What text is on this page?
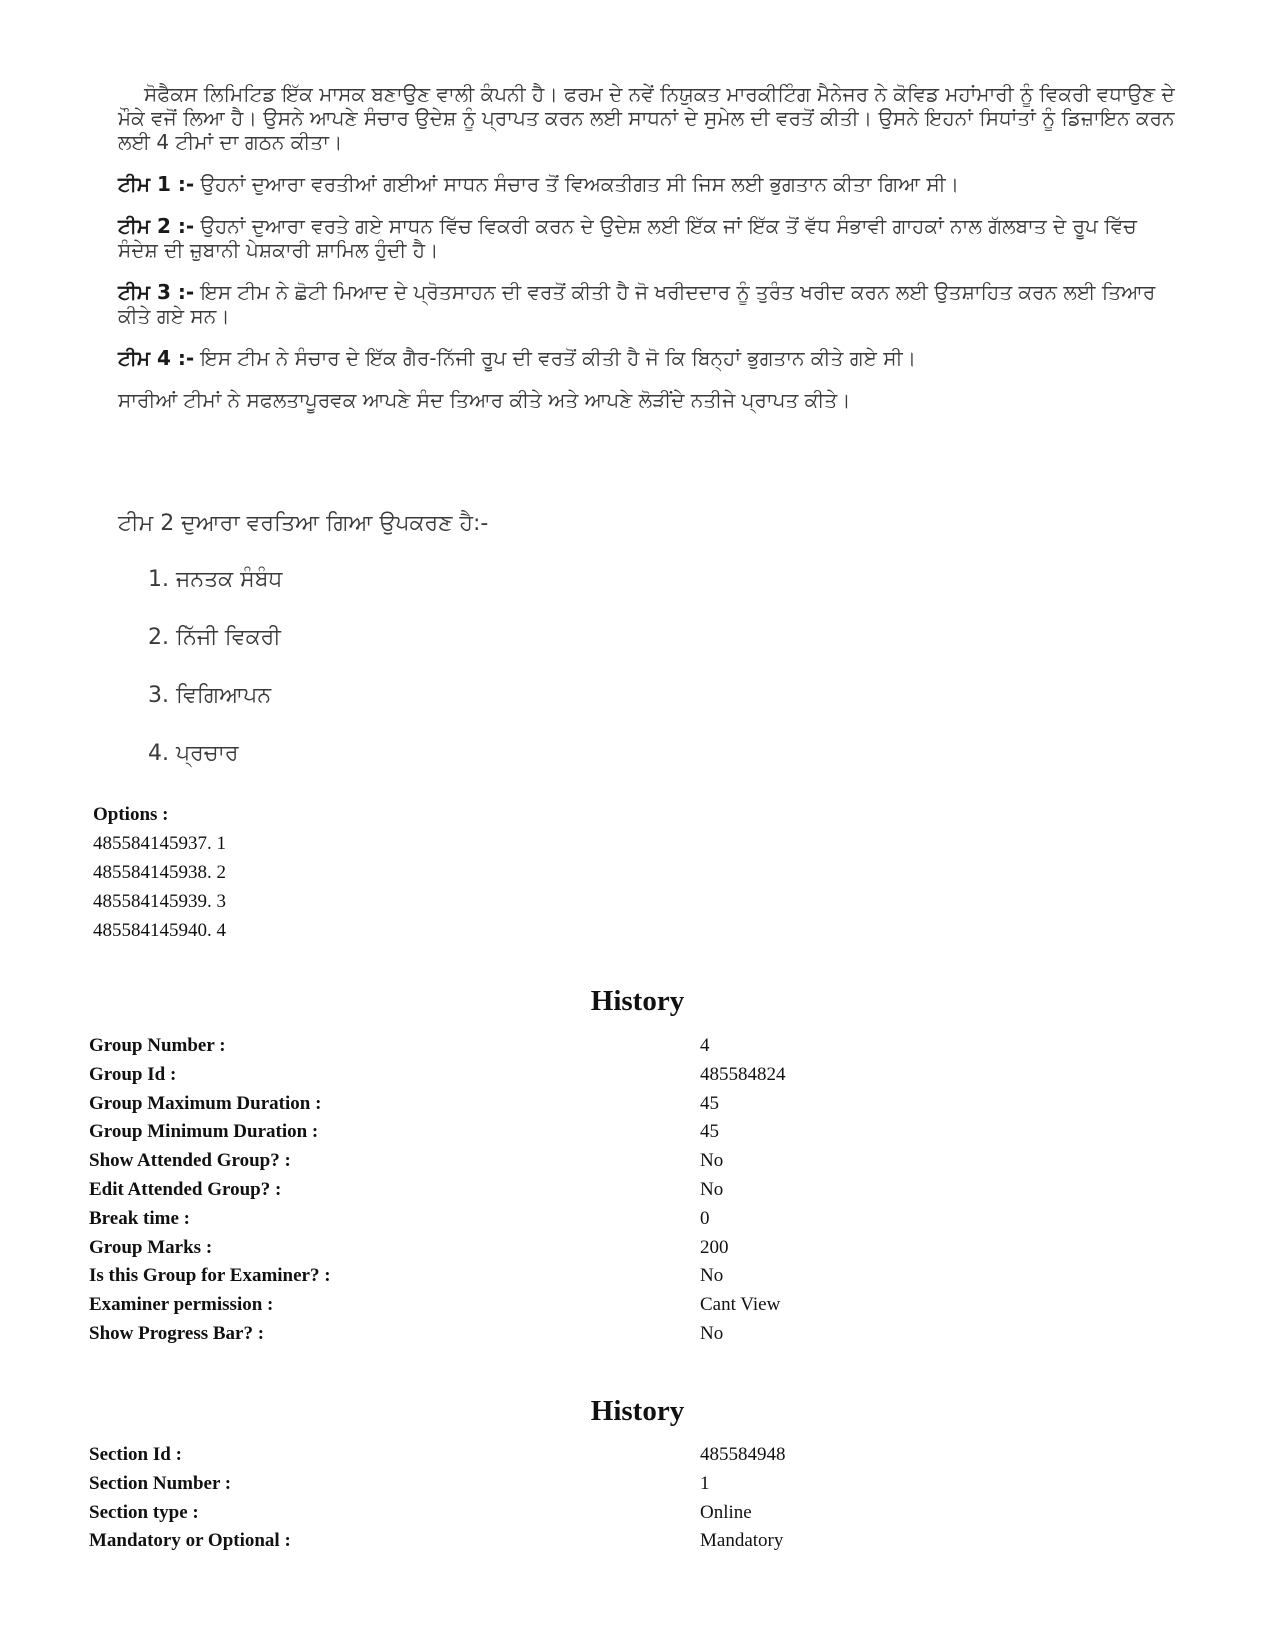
ਸੋਫੈਕਸ ਲਿਮਿਟਿਡ ਇੱਕ ਮਾਸਕ ਬਣਾਉਣ ਵਾਲੀ ਕੰਪਨੀ ਹੈ। ਫਰਮ ਦੇ ਨਵੇਂ ਨਿਯੁਕਤ ਮਾਰਕੀਟਿੰਗ ਮੈਨੇਜਰ ਨੇ ਕੋਵਿਡ ਮਹਾਂਮਾਰੀ ਨੂੰ ਵਿਕਰੀ ਵਧਾਉਣ ਦੇ ਮੌਕੇ ਵਜੋਂ ਲਿਆ ਹੈ। ਉਸਨੇ ਆਪਣੇ ਸੰਚਾਰ ਉਦੇਸ਼ ਨੂੰ ਪ੍ਰਾਪਤ ਕਰਨ ਲਈ ਸਾਧਨਾਂ ਦੇ ਸੁਮੇਲ ਦੀ ਵਰਤੋਂ ਕੀਤੀ। ਉਸਨੇ ਇਹਨਾਂ ਸਿਧਾਂਤਾਂ ਨੂੰ ਡਿਜ਼ਾਇਨ ਕਰਨ ਲਈ 4 ਟੀਮਾਂ ਦਾ ਗਠਨ ਕੀਤਾ।

ਟੀਮ 1 :- ਉਹਨਾਂ ਦੁਆਰਾ ਵਰਤੀਆਂ ਗਈਆਂ ਸਾਧਨ ਸੰਚਾਰ ਤੋਂ ਵਿਅਕਤੀਗਤ ਸੀ ਜਿਸ ਲਈ ਭੁਗਤਾਨ ਕੀਤਾ ਗਿਆ ਸੀ।

ਟੀਮ 2 :- ਉਹਨਾਂ ਦੁਆਰਾ ਵਰਤੇ ਗਏ ਸਾਧਨ ਵਿੱਚ ਵਿਕਰੀ ਕਰਨ ਦੇ ਉਦੇਸ਼ ਲਈ ਇੱਕ ਜਾਂ ਇੱਕ ਤੋਂ ਵੱਧ ਸੰਭਾਵੀ ਗਾਹਕਾਂ ਨਾਲ ਗੱਲਬਾਤ ਦੇ ਰੂਪ ਵਿੱਚ ਸੰਦੇਸ਼ ਦੀ ਜ਼ੁਬਾਨੀ ਪੇਸ਼ਕਾਰੀ ਸ਼ਾਮਿਲ ਹੁੰਦੀ ਹੈ।

ਟੀਮ 3 :- ਇਸ ਟੀਮ ਨੇ ਛੋਟੀ ਮਿਆਦ ਦੇ ਪ੍ਰੋਤਸਾਹਨ ਦੀ ਵਰਤੋਂ ਕੀਤੀ ਹੈ ਜੋ ਖਰੀਦਦਾਰ ਨੂੰ ਤੁਰੰਤ ਖਰੀਦ ਕਰਨ ਲਈ ਉਤਸ਼ਾਹਿਤ ਕਰਨ ਲਈ ਤਿਆਰ ਕੀਤੇ ਗਏ ਸਨ।

ਟੀਮ 4 :- ਇਸ ਟੀਮ ਨੇ ਸੰਚਾਰ ਦੇ ਇੱਕ ਗੈਰ-ਨਿੱਜੀ ਰੂਪ ਦੀ ਵਰਤੋਂ ਕੀਤੀ ਹੈ ਜੋ ਕਿ ਬਿਨ੍ਹਾਂ ਭੁਗਤਾਨ ਕੀਤੇ ਗਏ ਸੀ।

ਸਾਰੀਆਂ ਟੀਮਾਂ ਨੇ ਸਫਲਤਾਪੂਰਵਕ ਆਪਣੇ ਸੰਦ ਤਿਆਰ ਕੀਤੇ ਅਤੇ ਆਪਣੇ ਲੋੜੀਂਦੇ ਨਤੀਜੇ ਪ੍ਰਾਪਤ ਕੀਤੇ।

ਟੀਮ 2 ਦੁਆਰਾ ਵਰਤਿਆ ਗਿਆ ਉਪਕਰਣ ਹੈ:-
1. ਜਨਤਕ ਸੰਬੰਧ
2. ਨਿੱਜੀ ਵਿਕਰੀ
3. ਵਿਗਿਆਪਨ
4. ਪ੍ਰਚਾਰ
Options :
485584145937. 1
485584145938. 2
485584145939. 3
485584145940. 4
History
Group Number :	4
Group Id :	485584824
Group Maximum Duration :	45
Group Minimum Duration :	45
Show Attended Group? :	No
Edit Attended Group? :	No
Break time :	0
Group Marks :	200
Is this Group for Examiner? :	No
Examiner permission :	Cant View
Show Progress Bar? :	No
History
Section Id :	485584948
Section Number :	1
Section type :	Online
Mandatory or Optional :	Mandatory
